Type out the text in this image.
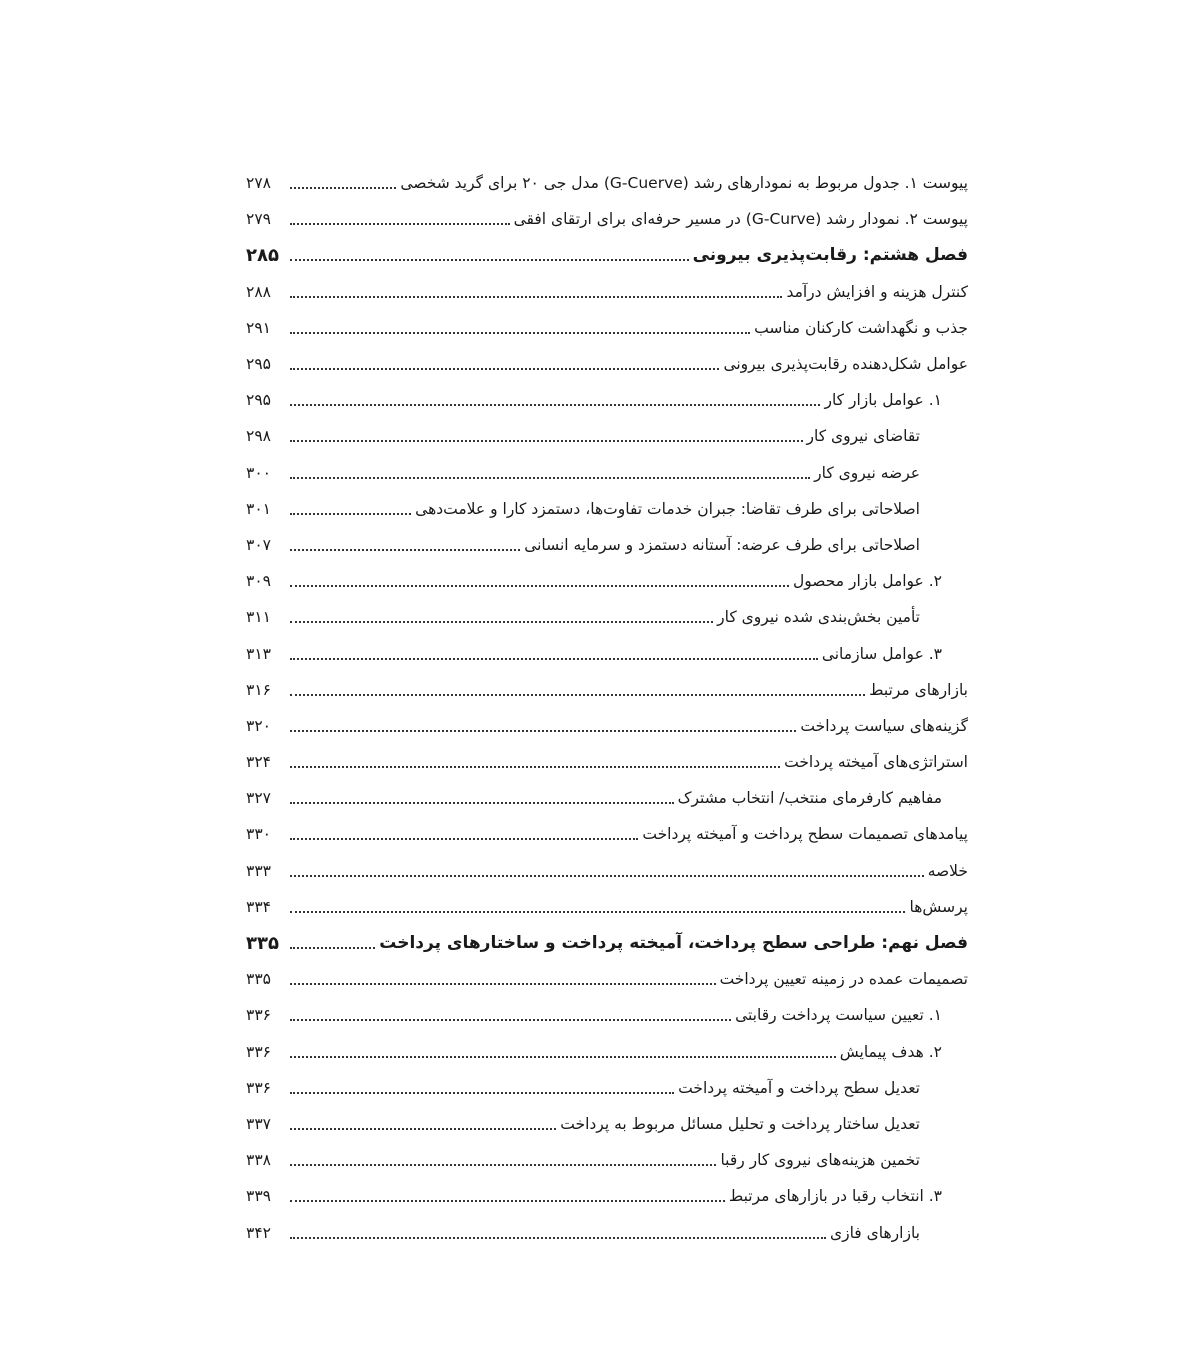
پیوست ۱. جدول مربوط به نمودارهای رشد (G-Cuerve) مدل جی ۲۰ برای گرید شخصی
۲۷۸
پیوست ۲. نمودار رشد (G-Curve) در مسیر حرفه‌ای برای ارتقای افقی
۲۷۹
فصل هشتم: رقابت‌پذیری بیرونی
۲۸۵
کنترل هزینه و افزایش درآمد
۲۸۸
جذب و نگهداشت کارکنان مناسب
۲۹۱
عوامل شکل‌دهنده رقابت‌پذیری بیرونی
۲۹۵
۱. عوامل بازار کار
۲۹۵
تقاضای نیروی کار
۲۹۸
عرضه نیروی کار
۳۰۰
اصلاحاتی برای طرف تقاضا: جبران خدمات تفاوت‌ها، دستمزد کارا و علامت‌دهی
۳۰۱
اصلاحاتی برای طرف عرضه: آستانه دستمزد و سرمایه انسانی
۳۰۷
۲. عوامل بازار محصول
۳۰۹
تأمین بخش‌بندی شده نیروی کار
۳۱۱
۳. عوامل سازمانی
۳۱۳
بازارهای مرتبط
۳۱۶
گزینه‌های سیاست پرداخت
۳۲۰
استراتژی‌های آمیخته پرداخت
۳۲۴
مفاهیم کارفرمای منتخب/ انتخاب مشترک
۳۲۷
پیامدهای تصمیمات سطح پرداخت و آمیخته پرداخت
۳۳۰
خلاصه
۳۳۳
پرسش‌ها
۳۳۴
فصل نهم: طراحی سطح پرداخت، آمیخته پرداخت و ساختارهای پرداخت
۳۳۵
تصمیمات عمده در زمینه تعیین پرداخت
۳۳۵
۱. تعیین سیاست پرداخت رقابتی
۳۳۶
۲. هدف پیمایش
۳۳۶
تعدیل سطح پرداخت و آمیخته پرداخت
۳۳۶
تعدیل ساختار پرداخت و تحلیل مسائل مربوط به پرداخت
۳۳۷
تخمین هزینه‌های نیروی کار رقبا
۳۳۸
۳. انتخاب رقبا در بازارهای مرتبط
۳۳۹
بازارهای فازی
۳۴۲
